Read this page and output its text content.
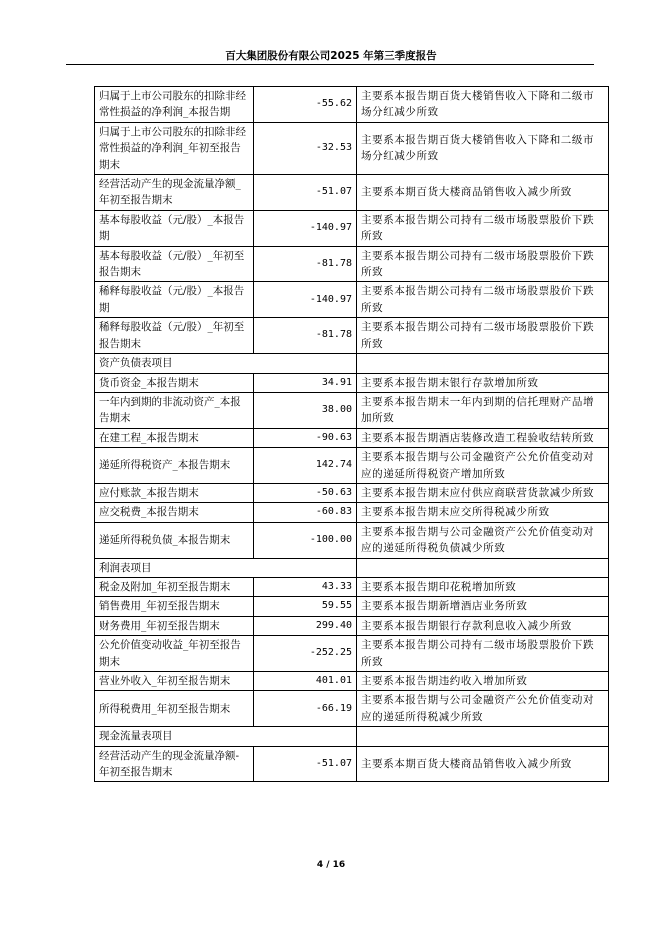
百大集团股份有限公司2025 年第三季度报告
归属于上市公司股东的扣除非经常性损益的净利润_本报告期	-55.62	主要系本报告期百货大楼销售收入下降和二级市场分红减少所致
归属于上市公司股东的扣除非经常性损益的净利润_年初至报告期末	-32.53	主要系本报告期百货大楼销售收入下降和二级市场分红减少所致
经营活动产生的现金流量净额_年初至报告期末	-51.07	主要系本期百货大楼商品销售收入减少所致
基本每股收益（元/股）_本报告期	-140.97	主要系本报告期公司持有二级市场股票股价下跌所致
基本每股收益（元/股）_年初至报告期末	-81.78	主要系本报告期公司持有二级市场股票股价下跌所致
稀释每股收益（元/股）_本报告期	-140.97	主要系本报告期公司持有二级市场股票股价下跌所致
稀释每股收益（元/股）_年初至报告期末	-81.78	主要系本报告期公司持有二级市场股票股价下跌所致
资产负债表项目		
货币资金_本报告期末	34.91	主要系本报告期末银行存款增加所致
一年内到期的非流动资产_本报告期末	38.00	主要系本报告期末一年内到期的信托理财产品增加所致
在建工程_本报告期末	-90.63	主要系本报告期酒店装修改造工程验收结转所致
递延所得税资产_本报告期末	142.74	主要系本报告期与公司金融资产公允价值变动对应的递延所得税资产增加所致
应付账款_本报告期末	-50.63	主要系本报告期末应付供应商联营货款减少所致
应交税费_本报告期末	-60.83	主要系本报告期末应交所得税减少所致
递延所得税负债_本报告期末	-100.00	主要系本报告期与公司金融资产公允价值变动对应的递延所得税负债减少所致
利润表项目		
税金及附加_年初至报告期末	43.33	主要系本报告期印花税增加所致
销售费用_年初至报告期末	59.55	主要系本报告期新增酒店业务所致
财务费用_年初至报告期末	299.40	主要系本报告期银行存款利息收入减少所致
公允价值变动收益_年初至报告期末	-252.25	主要系本报告期公司持有二级市场股票股价下跌所致
营业外收入_年初至报告期末	401.01	主要系本报告期违约收入增加所致
所得税费用_年初至报告期末	-66.19	主要系本报告期与公司金融资产公允价值变动对应的递延所得税减少所致
现金流量表项目		
经营活动产生的现金流量净额-年初至报告期末	-51.07	主要系本期百货大楼商品销售收入减少所致
4 / 16
